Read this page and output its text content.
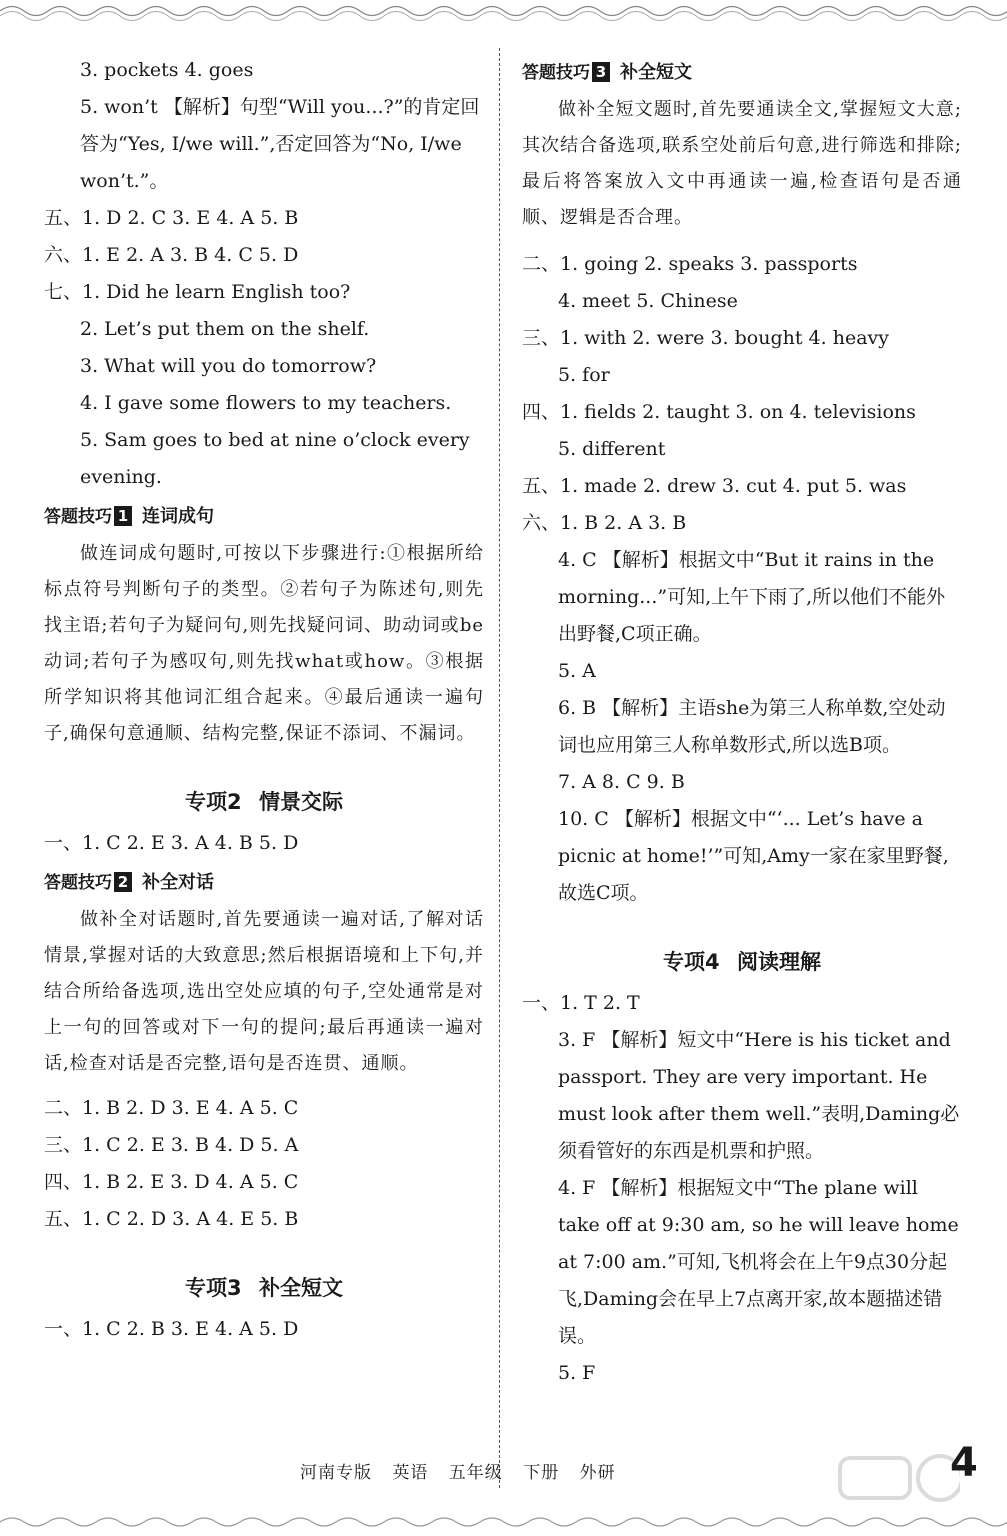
3. pockets 4. goes
5. won’t 【解析】句型“Will you...?”的肯定回答为“Yes, I/we will.”,否定回答为“No, I/we won’t.”。
五、1. D 2. C 3. E 4. A 5. B
六、1. E 2. A 3. B 4. C 5. D
七、1. Did he learn English too?
2. Let’s put them on the shelf.
3. What will you do tomorrow?
4. I gave some flowers to my teachers.
5. Sam goes to bed at nine o’clock every evening.
答题技巧 1 连词成句
做连词成句题时,可按以下步骤进行:①根据所给标点符号判断句子的类型。②若句子为陈述句,则先找主语;若句子为疑问句,则先找疑问词、助动词或be动词;若句子为感叹句,则先找what或how。③根据所学知识将其他词汇组合起来。④最后通读一遍句子,确保句意通顺、结构完整,保证不添词、不漏词。
专项2 情景交际
一、1. C 2. E 3. A 4. B 5. D
答题技巧 2 补全对话
做补全对话题时,首先要通读一遍对话,了解对话情景,掌握对话的大致意思;然后根据语境和上下句,并结合所给备选项,选出空处应填的句子,空处通常是对上一句的回答或对下一句的提问;最后再通读一遍对话,检查对话是否完整,语句是否连贯、通顺。
二、1. B 2. D 3. E 4. A 5. C
三、1. C 2. E 3. B 4. D 5. A
四、1. B 2. E 3. D 4. A 5. C
五、1. C 2. D 3. A 4. E 5. B
专项3 补全短文
一、1. C 2. B 3. E 4. A 5. D
答题技巧 3 补全短文
做补全短文题时,首先要通读全文,掌握短文大意;其次结合备选项,联系空处前后句意,进行筛选和排除;最后将答案放入文中再通读一遍,检查语句是否通顺、逻辑是否合理。
二、1. going 2. speaks 3. passports
4. meet 5. Chinese
三、1. with 2. were 3. bought 4. heavy
5. for
四、1. fields 2. taught 3. on 4. televisions
5. different
五、1. made 2. drew 3. cut 4. put 5. was
六、1. B 2. A 3. B
4. C 【解析】根据文中“But it rains in the morning...”可知,上午下雨了,所以他们不能外出野餐,C项正确。
5. A
6. B 【解析】主语she为第三人称单数,空处动词也应用第三人称单数形式,所以选B项。
7. A 8. C 9. B
10. C 【解析】根据文中“‘... Let’s have a picnic at home!’”可知,Amy一家在家里野餐,故选C项。
专项4 阅读理解
一、1. T 2. T
3. F 【解析】短文中“Here is his ticket and passport. They are very important. He must look after them well.”表明,Daming必须看管好的东西是机票和护照。
4. F 【解析】根据短文中“The plane will take off at 9:30 am, so he will leave home at 7:00 am.”可知,飞机将会在上午9点30分起飞,Daming会在早上7点离开家,故本题描述错误。
5. F
河南专版 英语 五年级 下册 外研	4
